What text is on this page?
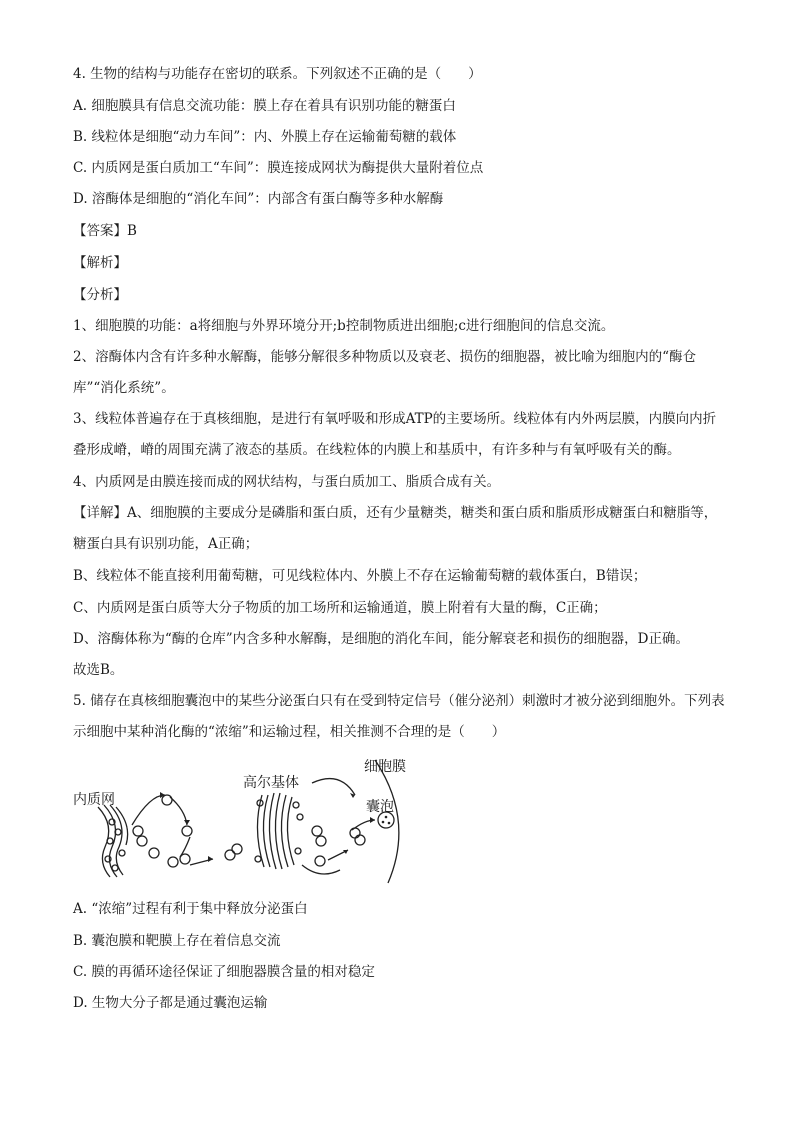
4. 生物的结构与功能存在密切的联系。下列叙述不正确的是（　　）
A. 细胞膜具有信息交流功能：膜上存在着具有识别功能的糖蛋白
B. 线粒体是细胞“动力车间”：内、外膜上存在运输葡萄糖的载体
C. 内质网是蛋白质加工“车间”：膜连接成网状为酶提供大量附着位点
D. 溶酶体是细胞的“消化车间”：内部含有蛋白酶等多种水解酶
【答案】B
【解析】
【分析】
1、细胞膜的功能：a将细胞与外界环境分开;b控制物质进出细胞;c进行细胞间的信息交流。
2、溶酶体内含有许多种水解酶，能够分解很多种物质以及衰老、损伤的细胞器，被比喻为细胞内的“酶仓库”“消化系统”。
3、线粒体普遍存在于真核细胞，是进行有氧呼吸和形成ATP的主要场所。线粒体有内外两层膜，内膜向内折叠形成嵴，嵴的周围充满了液态的基质。在线粒体的内膜上和基质中，有许多种与有氧呼吸有关的酶。
4、内质网是由膜连接而成的网状结构，与蛋白质加工、脂质合成有关。
【详解】A、细胞膜的主要成分是磷脂和蛋白质，还有少量糖类，糖类和蛋白质和脂质形成糖蛋白和糖脂等，糖蛋白具有识别功能，A正确；
B、线粒体不能直接利用葡萄糖，可见线粒体内、外膜上不存在运输葡萄糖的载体蛋白，B错误；
C、内质网是蛋白质等大分子物质的加工场所和运输通道，膜上附着有大量的酶，C正确；
D、溶酶体称为“酶的仓库”内含多种水解酶，是细胞的消化车间，能分解衰老和损伤的细胞器，D正确。
故选B。
5. 储存在真核细胞囊泡中的某些分泌蛋白只有在受到特定信号（催分泌剂）刺激时才被分泌到细胞外。下列表示细胞中某种消化酶的“浓缩”和运输过程，相关推测不合理的是（　　）
内质网
高尔基体
细胞膜
囊泡
A. “浓缩”过程有利于集中释放分泌蛋白
B. 囊泡膜和靶膜上存在着信息交流
C. 膜的再循环途径保证了细胞器膜含量的相对稳定
D. 生物大分子都是通过囊泡运输
